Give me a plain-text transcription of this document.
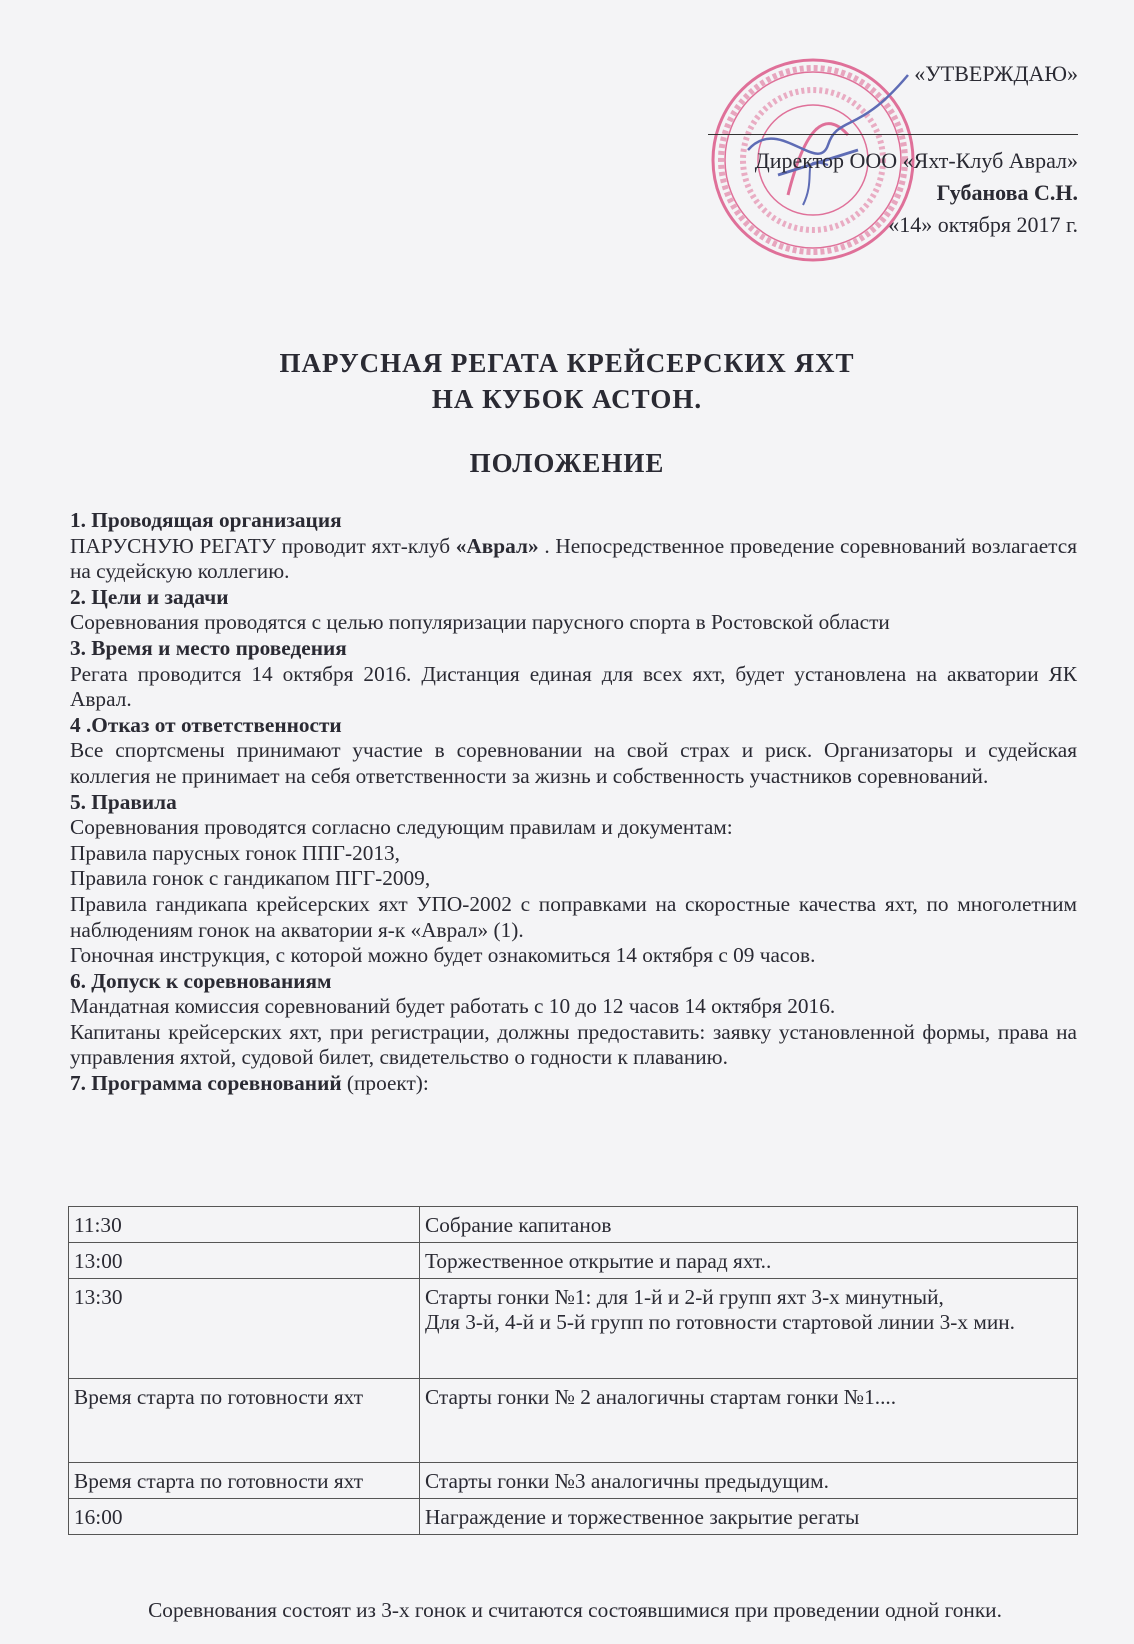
«УТВЕРЖДАЮ»
Директор ООО «Яхт-Клуб Аврал»
Губанова С.Н.
«14» октября 2017 г.
ПАРУСНАЯ РЕГАТА КРЕЙСЕРСКИХ ЯХТ
НА КУБОК АСТОН.
ПОЛОЖЕНИЕ
1. Проводящая организация
ПАРУСНУЮ РЕГАТУ проводит яхт-клуб «Аврал» . Непосредственное проведение соревнований возлагается на судейскую коллегию.
2. Цели и задачи
Соревнования проводятся с целью популяризации парусного спорта в Ростовской области
3. Время и место проведения
Регата проводится 14 октября 2016. Дистанция единая для всех яхт, будет установлена на акватории ЯК Аврал.
4 .Отказ от ответственности
Все спортсмены принимают участие в соревновании на свой страх и риск. Организаторы и судейская коллегия не принимает на себя ответственности за жизнь и собственность участников соревнований.
5. Правила
Соревнования проводятся согласно следующим правилам и документам:
Правила парусных гонок ППГ-2013,
Правила гонок с гандикапом ПГГ-2009,
Правила гандикапа крейсерских яхт УПО-2002 с поправками на скоростные качества яхт, по многолетним наблюдениям гонок на акватории я-к «Аврал» (1).
Гоночная инструкция, с которой можно будет ознакомиться 14 октября с 09 часов.
6. Допуск к соревнованиям
Мандатная комиссия соревнований будет работать с 10 до 12 часов 14 октября 2016.
Капитаны крейсерских яхт, при регистрации, должны предоставить: заявку установленной формы, права на управления яхтой, судовой билет, свидетельство о годности к плаванию.
7. Программа соревнований (проект):
11:30	Собрание капитанов
13:00	Торжественное открытие и парад яхт..
13:30	Старты гонки №1: для 1-й и 2-й групп яхт 3-х минутный,
Для 3-й, 4-й и 5-й групп по готовности стартовой линии 3-х мин.

Время старта по готовности яхт	Старты гонки № 2 аналогичны стартам гонки №1....
Время старта по готовности яхт	Старты гонки №3 аналогичны предыдущим.
16:00	Награждение и торжественное закрытие регаты
Соревнования состоят из 3-х гонок и считаются состоявшимися при проведении одной гонки.
